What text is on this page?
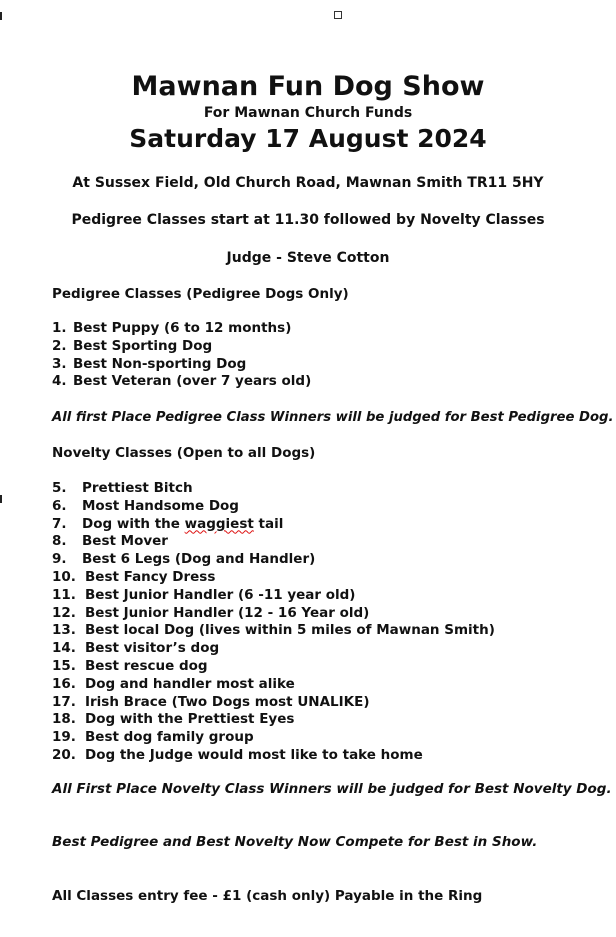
Mawnan Fun Dog Show
For Mawnan Church Funds
Saturday 17 August 2024
At Sussex Field, Old Church Road, Mawnan Smith TR11 5HY
Pedigree Classes start at 11.30 followed by Novelty Classes
Judge - Steve Cotton
Pedigree Classes (Pedigree Dogs Only)
1. Best Puppy (6 to 12 months)
2. Best Sporting Dog
3. Best Non-sporting Dog
4. Best Veteran (over 7 years old)
All first Place Pedigree Class Winners will be judged for Best Pedigree Dog.
Novelty Classes (Open to all Dogs)
5. Prettiest Bitch
6. Most Handsome Dog
7. Dog with the waggiest tail
8. Best Mover
9. Best 6 Legs (Dog and Handler)
10. Best Fancy Dress
11. Best Junior Handler (6 -11 year old)
12. Best Junior Handler (12 - 16 Year old)
13. Best local Dog (lives within 5 miles of Mawnan Smith)
14. Best visitor’s dog
15. Best rescue dog
16. Dog and handler most alike
17. Irish Brace (Two Dogs most UNALIKE)
18. Dog with the Prettiest Eyes
19. Best dog family group
20. Dog the Judge would most like to take home
All First Place Novelty Class Winners will be judged for Best Novelty Dog.
Best Pedigree and Best Novelty Now Compete for Best in Show.
All Classes entry fee - £1 (cash only) Payable in the Ring
